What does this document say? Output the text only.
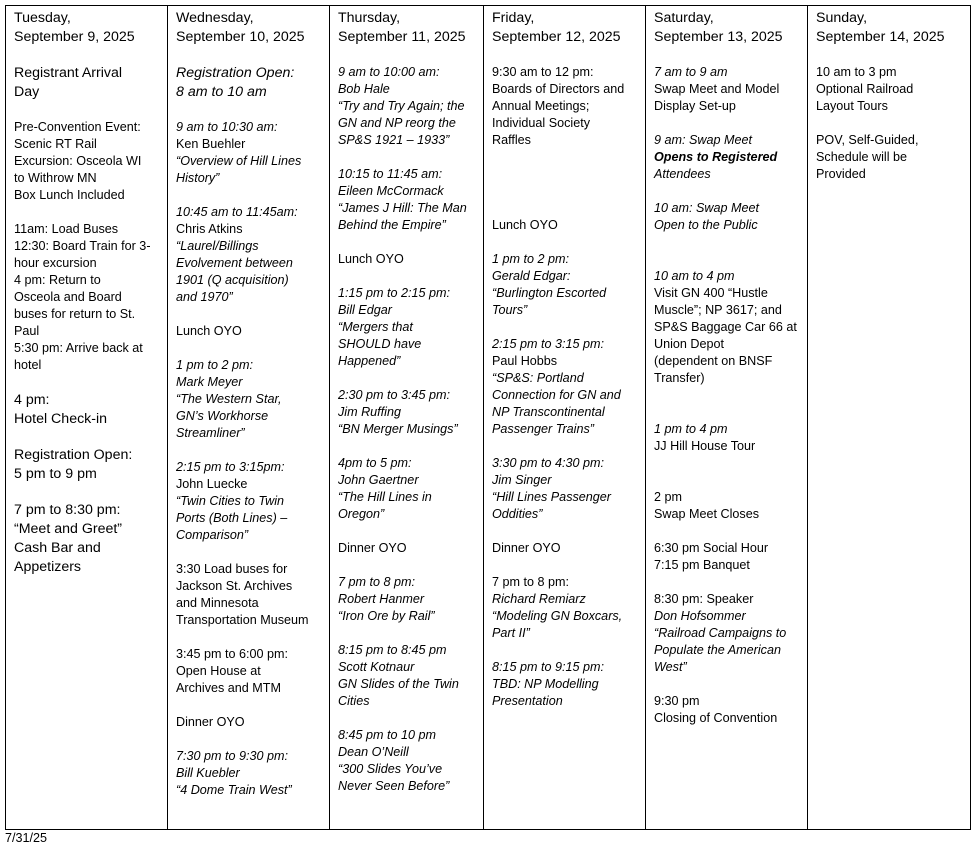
Tuesday,
September 9, 2025
Registrant Arrival
Day
Pre-Convention Event:
Scenic RT Rail
Excursion: Osceola WI
to Withrow MN
Box Lunch Included
11am: Load Buses
12:30: Board Train for 3-
hour excursion
4 pm: Return to
Osceola and Board
buses for return to St.
Paul
5:30 pm: Arrive back at
hotel
4 pm:
Hotel Check-in
Registration Open:
5 pm to 9 pm
7 pm to 8:30 pm:
“Meet and Greet”
Cash Bar and
Appetizers

Wednesday,
September 10, 2025
Registration Open:
8 am to 10 am
9 am to 10:30 am:
Ken Buehler
“Overview of Hill Lines
History”
10:45 am to 11:45am:
Chris Atkins
“Laurel/Billings
Evolvement between
1901 (Q acquisition)
and 1970”
Lunch OYO
1 pm to 2 pm:
Mark Meyer
“The Western Star,
GN’s Workhorse
Streamliner”
2:15 pm to 3:15pm:
John Luecke
“Twin Cities to Twin
Ports (Both Lines) –
Comparison”
3:30 Load buses for
Jackson St. Archives
and Minnesota
Transportation Museum
3:45 pm to 6:00 pm:
Open House at
Archives and MTM
Dinner OYO
7:30 pm to 9:30 pm:
Bill Kuebler
“4 Dome Train West”

Thursday,
September 11, 2025
9 am to 10:00 am:
Bob Hale
“Try and Try Again; the
GN and NP reorg the
SP&S 1921 – 1933”
10:15 to 11:45 am:
Eileen McCormack
“James J Hill: The Man
Behind the Empire”
Lunch OYO
1:15 pm to 2:15 pm:
Bill Edgar
“Mergers that
SHOULD have
Happened”
2:30 pm to 3:45 pm:
Jim Ruffing
“BN Merger Musings”
4pm to 5 pm:
John Gaertner
“The Hill Lines in
Oregon”
Dinner OYO
7 pm to 8 pm:
Robert Hanmer
“Iron Ore by Rail”
8:15 pm to 8:45 pm
Scott Kotnaur
GN Slides of the Twin
Cities
8:45 pm to 10 pm
Dean O’Neill
“300 Slides You’ve
Never Seen Before”

Friday,
September 12, 2025
9:30 am to 12 pm:
Boards of Directors and
Annual Meetings;
Individual Society
Raffles
Lunch OYO
1 pm to 2 pm:
Gerald Edgar:
“Burlington Escorted
Tours”
2:15 pm to 3:15 pm:
Paul Hobbs
“SP&S: Portland
Connection for GN and
NP Transcontinental
Passenger Trains”
3:30 pm to 4:30 pm:
Jim Singer
“Hill Lines Passenger
Oddities”
Dinner OYO
7 pm to 8 pm:
Richard Remiarz
“Modeling GN Boxcars,
Part II”
8:15 pm to 9:15 pm:
TBD: NP Modelling
Presentation

Saturday,
September 13, 2025
7 am to 9 am
Swap Meet and Model
Display Set-up
9 am: Swap Meet
Opens to Registered
Attendees
10 am: Swap Meet
Open to the Public
10 am to 4 pm
Visit GN 400 “Hustle
Muscle”; NP 3617; and
SP&S Baggage Car 66 at
Union Depot
(dependent on BNSF
Transfer)
1 pm to 4 pm
JJ Hill House Tour
2 pm
Swap Meet Closes
6:30 pm Social Hour
7:15 pm Banquet
8:30 pm: Speaker
Don Hofsommer
“Railroad Campaigns to
Populate the American
West”
9:30 pm
Closing of Convention

Sunday,
September 14, 2025
10 am to 3 pm
Optional Railroad
Layout Tours
POV, Self-Guided,
Schedule will be
Provided
7/31/25
